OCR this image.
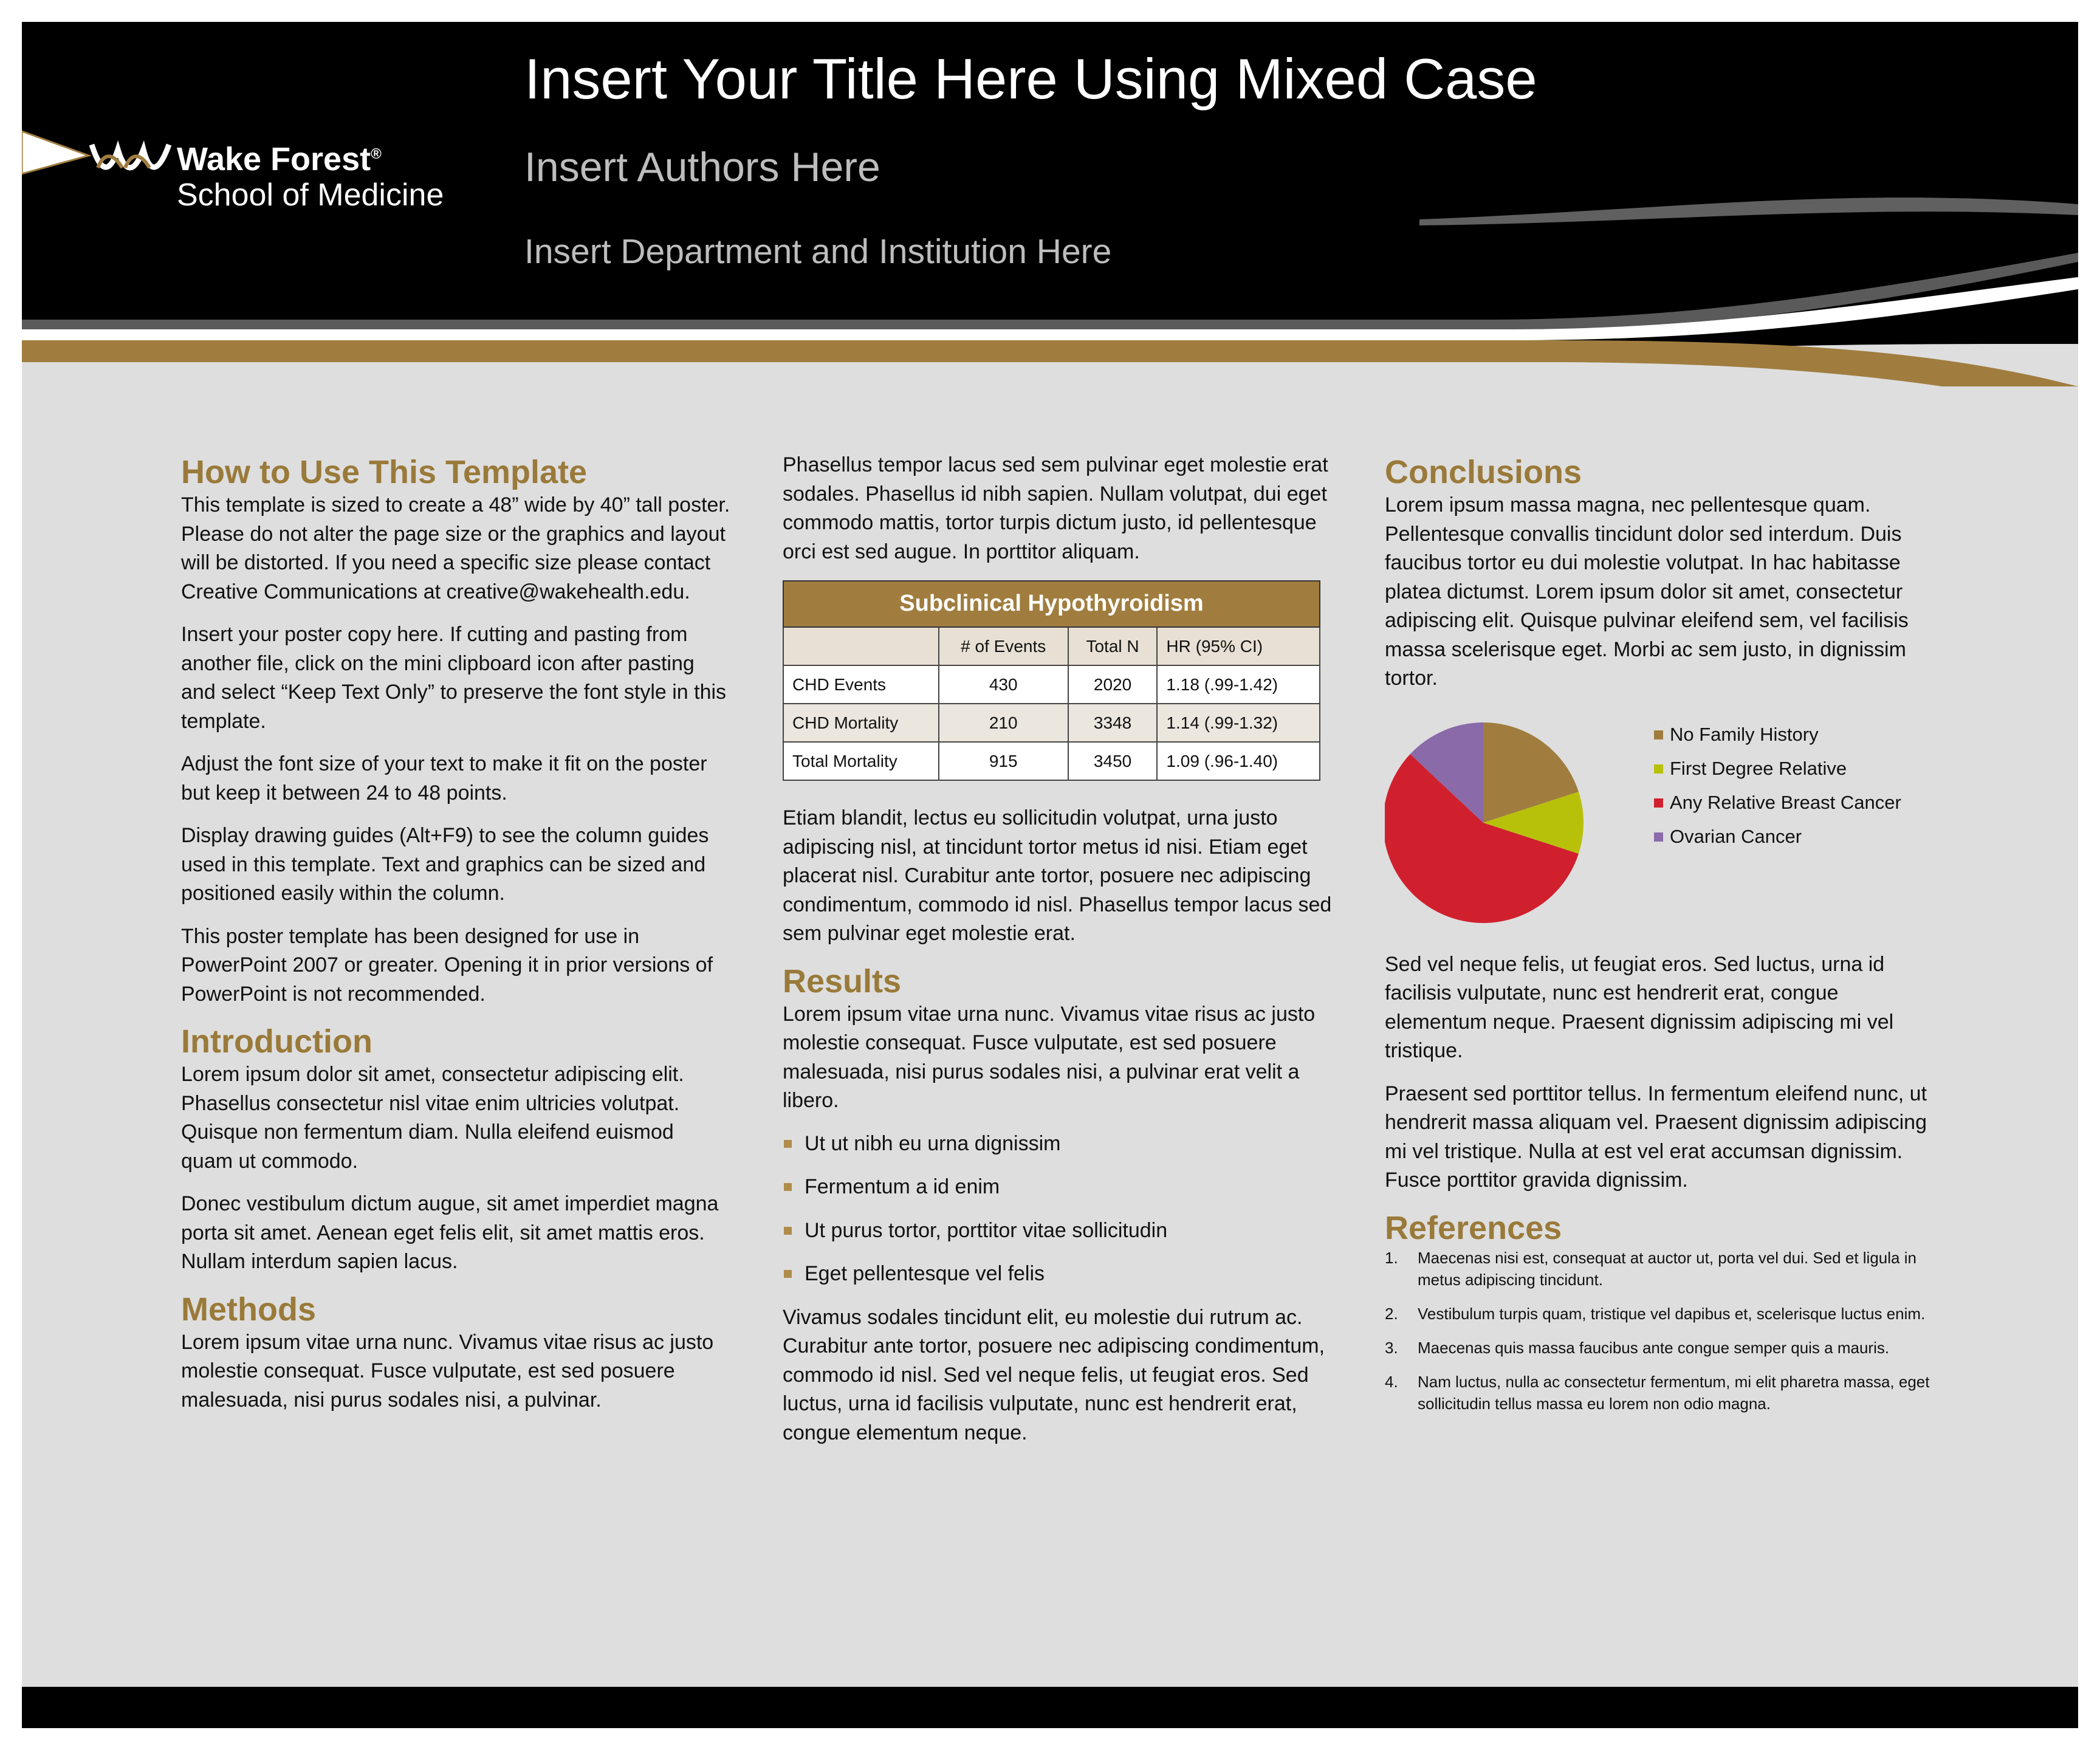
Wake Forest®
School of Medicine
Insert Your Title Here Using Mixed Case
Insert Authors Here
Insert Department and Institution Here
How to Use This Template

This template is sized to create a 48” wide by 40” tall poster. Please do not alter the page size or the graphics and layout will be distorted. If you need a specific size please contact Creative Communications at creative@wakehealth.edu.

Insert your poster copy here. If cutting and pasting from another file, click on the mini clipboard icon after pasting and select “Keep Text Only” to preserve the font style in this template.

Adjust the font size of your text to make it fit on the poster but keep it between 24 to 48 points.

Display drawing guides (Alt+F9) to see the column guides used in this template. Text and graphics can be sized and positioned easily within the column.

This poster template has been designed for use in PowerPoint 2007 or greater. Opening it in prior versions of PowerPoint is not recommended.

Introduction

Lorem ipsum dolor sit amet, consectetur adipiscing elit. Phasellus consectetur nisl vitae enim ultricies volutpat. Quisque non fermentum diam. Nulla eleifend euismod quam ut commodo.

Donec vestibulum dictum augue, sit amet imperdiet magna porta sit amet. Aenean eget felis elit, sit amet mattis eros. Nullam interdum sapien lacus.

Methods

Lorem ipsum vitae urna nunc. Vivamus vitae risus ac justo molestie consequat. Fusce vulputate, est sed posuere malesuada, nisi purus sodales nisi, a pulvinar.

Phasellus tempor lacus sed sem pulvinar eget molestie erat sodales. Phasellus id nibh sapien. Nullam volutpat, dui eget commodo mattis, tortor turpis dictum justo, id pellentesque orci est sed augue. In porttitor aliquam.

Subclinical Hypothyroidism			
	# of Events	Total N	HR (95% CI)
CHD Events	430	2020	1.18 (.99-1.42)
CHD Mortality	210	3348	1.14 (.99-1.32)
Total Mortality	915	3450	1.09 (.96-1.40)

Etiam blandit, lectus eu sollicitudin volutpat, urna justo adipiscing nisl, at tincidunt tortor metus id nisi. Etiam eget placerat nisl. Curabitur ante tortor, posuere nec adipiscing condimentum, commodo id nisl. Phasellus tempor lacus sed sem pulvinar eget molestie erat.

Results

Lorem ipsum vitae urna nunc. Vivamus vitae risus ac justo molestie consequat. Fusce vulputate, est sed posuere malesuada, nisi purus sodales nisi, a pulvinar erat velit a libero.

Ut ut nibh eu urna dignissim
Fermentum a id enim
Ut purus tortor, porttitor vitae sollicitudin
Eget pellentesque vel felis

Vivamus sodales tincidunt elit, eu molestie dui rutrum ac. Curabitur ante tortor, posuere nec adipiscing condimentum, commodo id nisl. Sed vel neque felis, ut feugiat eros. Sed luctus, urna id facilisis vulputate, nunc est hendrerit erat, congue elementum neque.

Conclusions

Lorem ipsum massa magna, nec pellentesque quam. Pellentesque convallis tincidunt dolor sed interdum. Duis faucibus tortor eu dui molestie volutpat. In hac habitasse platea dictumst. Lorem ipsum dolor sit amet, consectetur adipiscing elit. Quisque pulvinar eleifend sem, vel facilisis massa scelerisque eget. Morbi ac sem justo, in dignissim tortor.

No Family History
First Degree Relative
Any Relative Breast Cancer
Ovarian Cancer

Sed vel neque felis, ut feugiat eros. Sed luctus, urna id facilisis vulputate, nunc est hendrerit erat, congue elementum neque. Praesent dignissim adipiscing mi vel tristique.

Praesent sed porttitor tellus. In fermentum eleifend nunc, ut hendrerit massa aliquam vel. Praesent dignissim adipiscing mi vel tristique. Nulla at est vel erat accumsan dignissim. Fusce porttitor gravida dignissim.

References
1. Maecenas nisi est, consequat at auctor ut, porta vel dui. Sed et ligula in metus adipiscing tincidunt.
2. Vestibulum turpis quam, tristique vel dapibus et, scelerisque luctus enim.
3. Maecenas quis massa faucibus ante congue semper quis a mauris.
4. Nam luctus, nulla ac consectetur fermentum, mi elit pharetra massa, eget sollicitudin tellus massa eu lorem non odio magna.
